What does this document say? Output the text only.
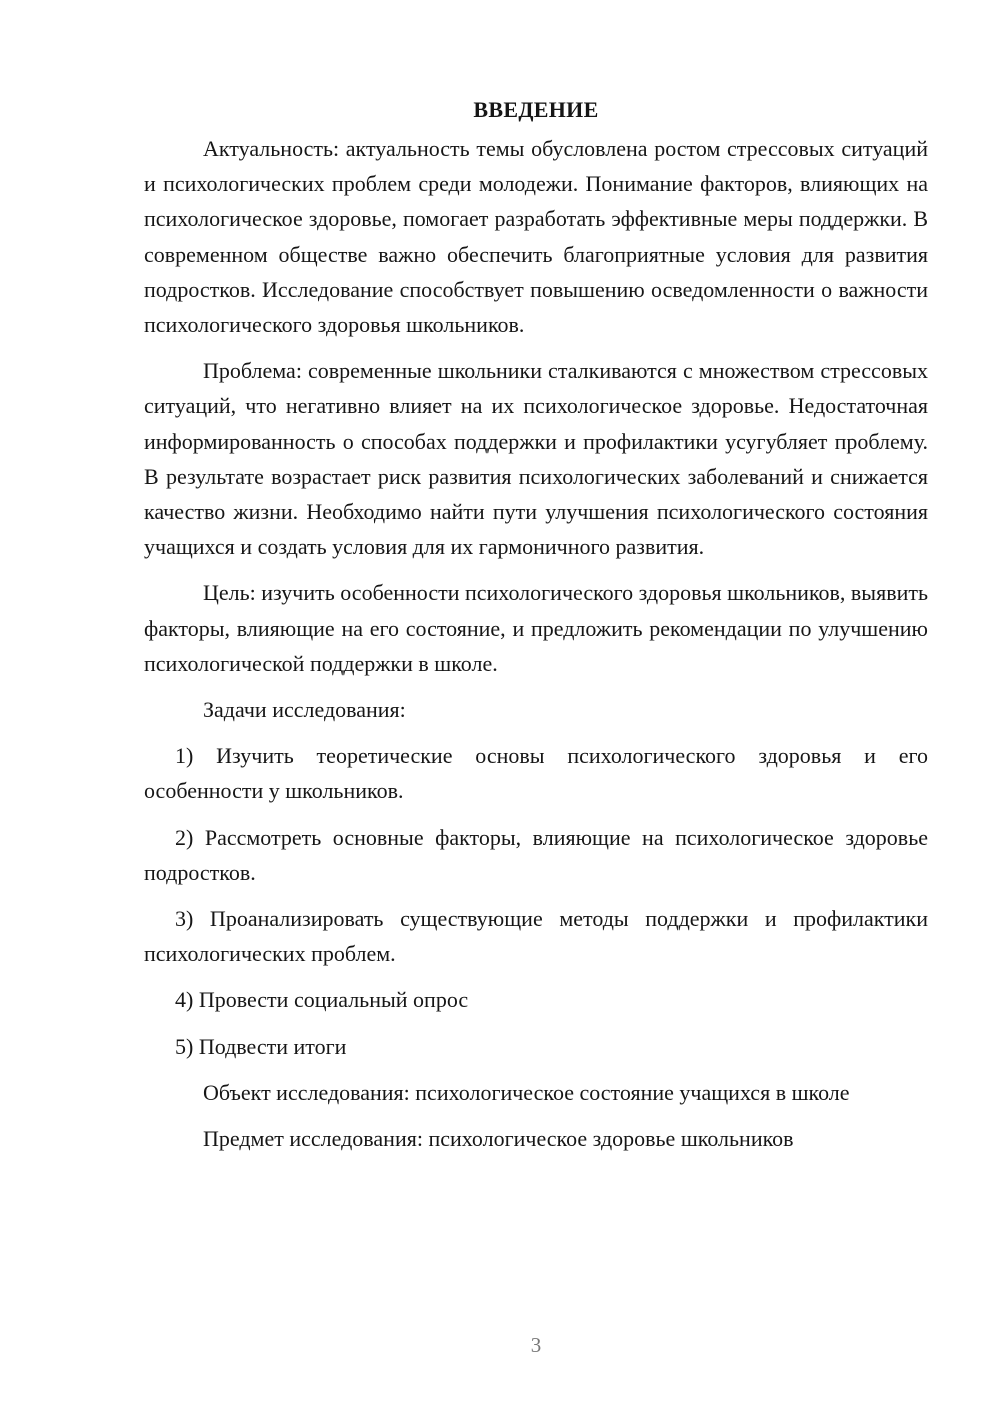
ВВЕДЕНИЕ

Актуальность: актуальность темы обусловлена ростом стрессовых ситуаций и психологических проблем среди молодежи. Понимание факторов, влияющих на психологическое здоровье, помогает разработать эффективные меры поддержки. В современном обществе важно обеспечить благоприятные условия для развития подростков. Исследование способствует повышению осведомленности о важности психологического здоровья школьников.

Проблема: современные школьники сталкиваются с множеством стрессовых ситуаций, что негативно влияет на их психологическое здоровье. Недостаточная информированность о способах поддержки и профилактики усугубляет проблему. В результате возрастает риск развития психологических заболеваний и снижается качество жизни. Необходимо найти пути улучшения психологического состояния учащихся и создать условия для их гармоничного развития.

Цель: изучить особенности психологического здоровья школьников, выявить факторы, влияющие на его состояние, и предложить рекомендации по улучшению психологической поддержки в школе.

Задачи исследования:

1) Изучить теоретические основы психологического здоровья и его особенности у школьников.

2) Рассмотреть основные факторы, влияющие на психологическое здоровье подростков.

3) Проанализировать существующие методы поддержки и профилактики психологических проблем.

4) Провести социальный опрос

5) Подвести итоги

Объект исследования: психологическое состояние учащихся в школе

Предмет исследования: психологическое здоровье школьников

3
